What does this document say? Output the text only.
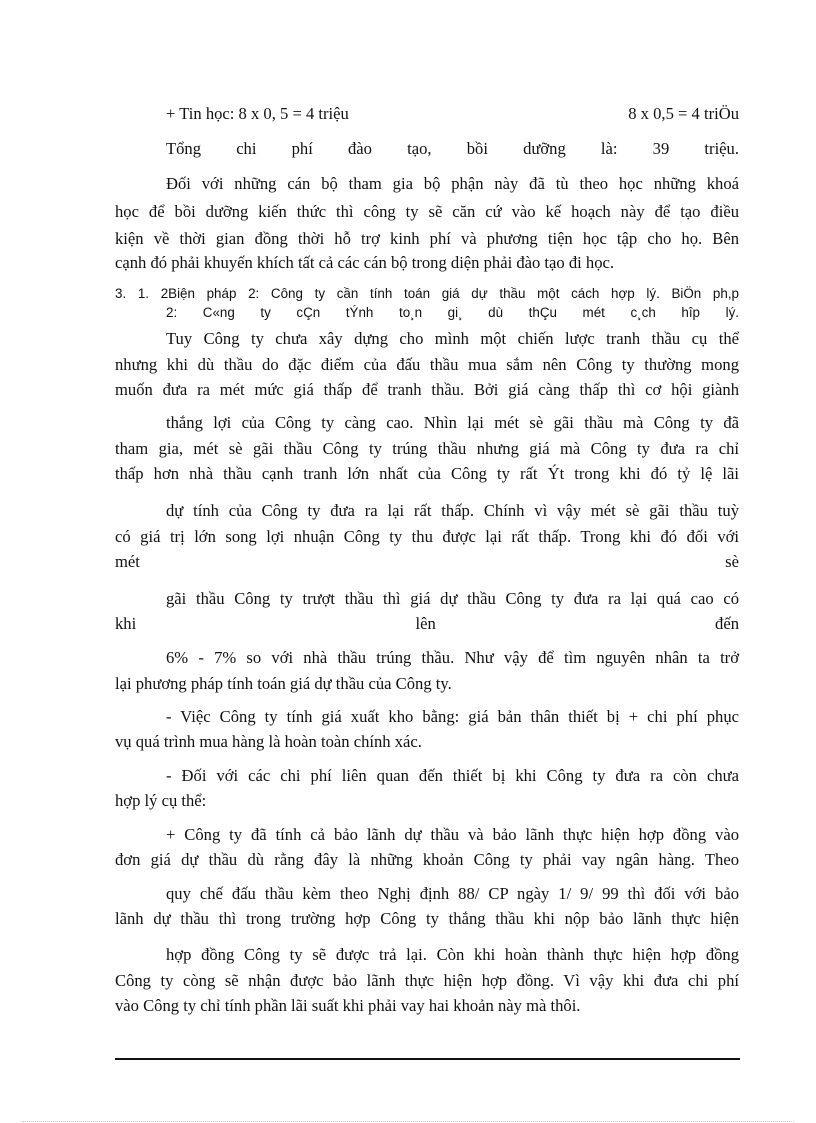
+ Tin học: 8 x 0, 5 = 4 triệu	8 x 0,5 = 4 triÖu
Tổng chi phí đào tạo, bồi dưỡng là: 39 triệu.
Đối với những cán bộ tham gia bộ phận này đã tù theo học những khoá
học để bồi dưỡng kiến thức thì công ty sẽ căn cứ vào kế hoạch này để tạo điều
kiện về thời gian đồng thời hỗ trợ kinh phí và phương tiện học tập cho họ. Bên
cạnh đó phải khuyến khích tất cả các cán bộ trong diện phải đào tạo đi học.
3. 1. 2Biện pháp 2: Công ty cần tính toán giá dự thầu một cách hợp lý. BiÖn ph,p
2: C«ng ty cÇn tÝnh to¸n gi¸ dù thÇu mét c¸ch hîp lý.
Tuy Công ty chưa xây dựng cho mình một chiến lược tranh thầu cụ thể
nhưng khi dù thầu do đặc điểm của đấu thầu mua sắm nên Công ty thường mong
muốn đưa ra mét mức giá thấp để tranh thầu. Bởi giá càng thấp thì cơ hội giành
thắng lợi của Công ty càng cao. Nhìn lại mét sè gãi thầu mà Công ty đã
tham gia, mét sè gãi thầu Công ty trúng thầu nhưng giá mà Công ty đưa ra chỉ
thấp hơn nhà thầu cạnh tranh lớn nhất của Công ty rất Ýt trong khi đó tỷ lệ lãi
dự tính của Công ty đưa ra lại rất thấp. Chính vì vậy mét sè gãi thầu tuỳ
có giá trị lớn song lợi nhuận Công ty thu được lại rất thấp. Trong khi đó đối với
mét sè
gãi thầu Công ty trượt thầu thì giá dự thầu Công ty đưa ra lại quá cao có
khi lên đến
6% - 7% so với nhà thầu trúng thầu. Như vậy để tìm nguyên nhân ta trở
lại phương pháp tính toán giá dự thầu của Công ty.
- Việc Công ty tính giá xuất kho bằng: giá bản thân thiết bị + chi phí phục
vụ quá trình mua hàng là hoàn toàn chính xác.
- Đối với các chi phí liên quan đến thiết bị khi Công ty đưa ra còn chưa
hợp lý cụ thể:
+ Công ty đã tính cả bảo lãnh dự thầu và bảo lãnh thực hiện hợp đồng vào
đơn giá dự thầu dù rằng đây là những khoản Công ty phải vay ngân hàng. Theo
quy chế đấu thầu kèm theo Nghị định 88/ CP ngày 1/ 9/ 99 thì đối với bảo
lãnh dự thầu thì trong trường hợp Công ty thắng thầu khi nộp bảo lãnh thực hiện
hợp đồng Công ty sẽ được trả lại. Còn khi hoàn thành thực hiện hợp đồng
Công ty còng sẽ nhận được bảo lãnh thực hiện hợp đồng. Vì vậy khi đưa chi phí
vào Công ty chỉ tính phần lãi suất khi phải vay hai khoản này mà thôi.
